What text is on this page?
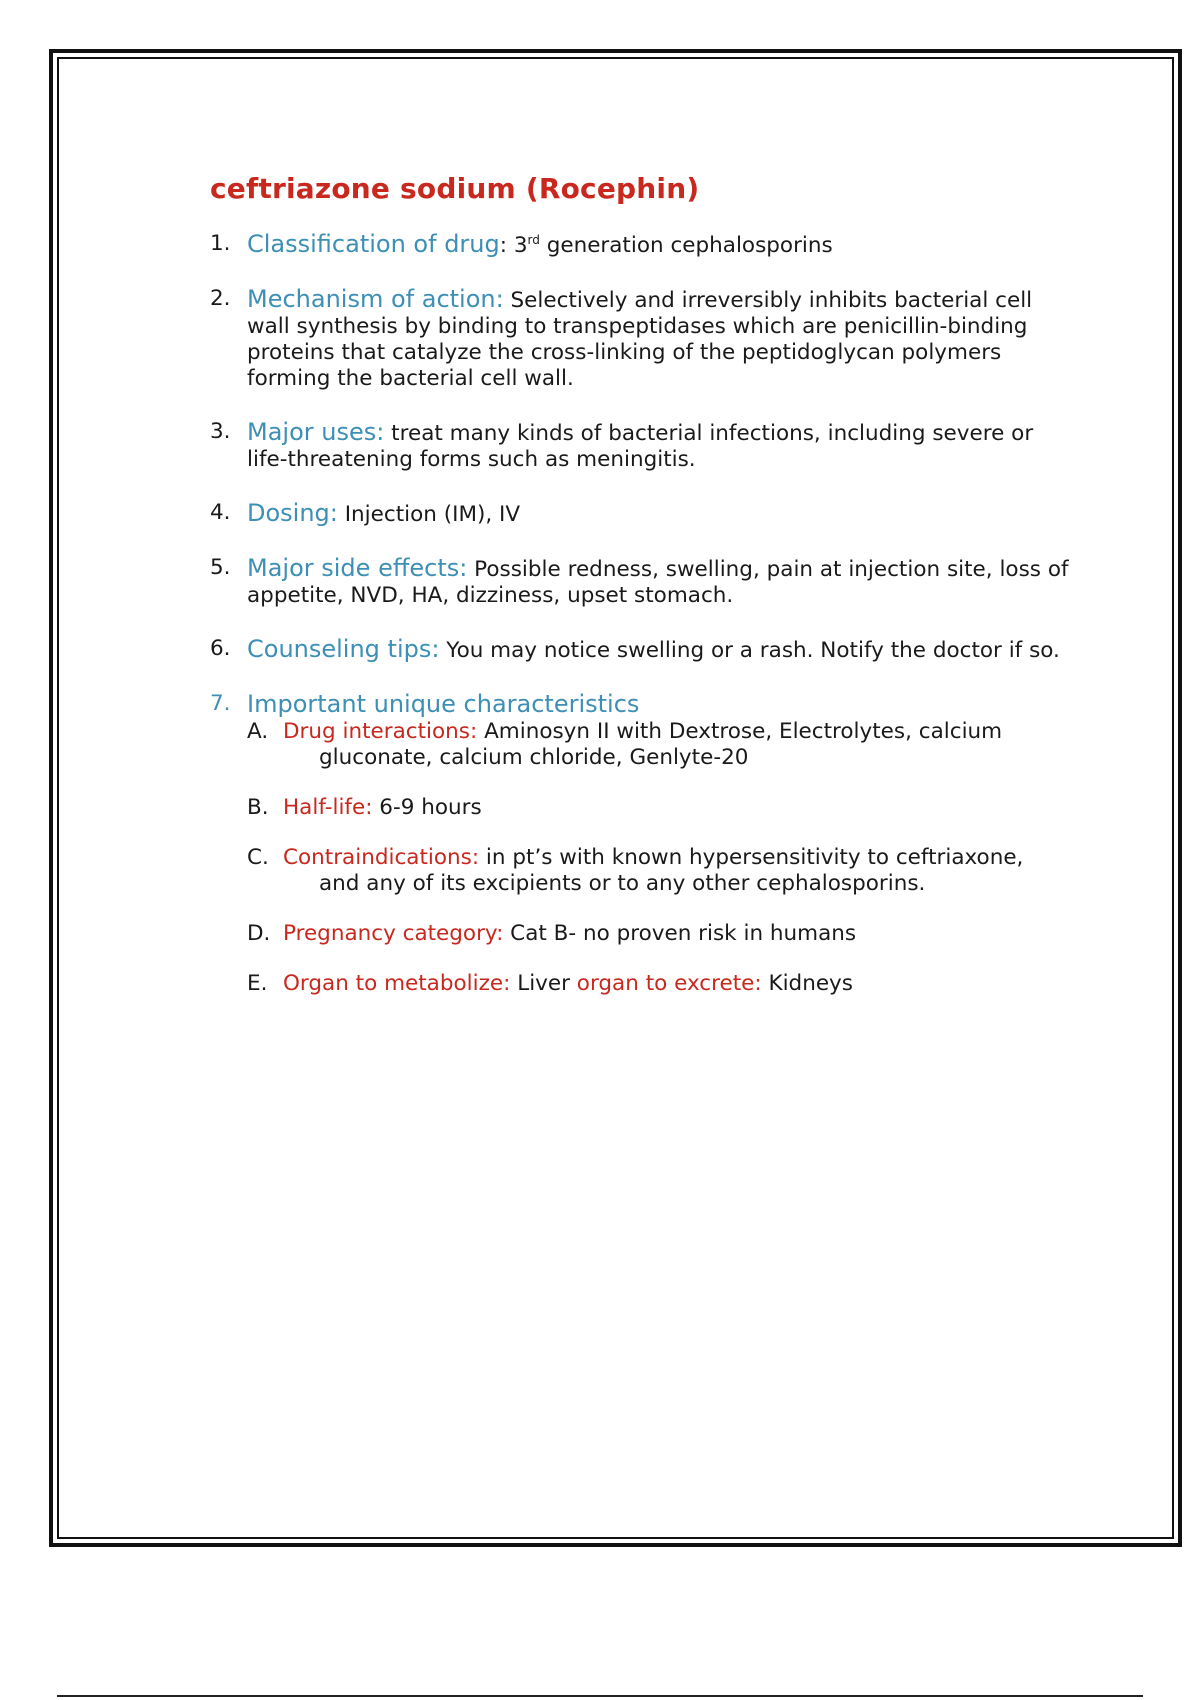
ceftriazone sodium (Rocephin)
1. Classification of drug: 3rd generation cephalosporins
2. Mechanism of action: Selectively and irreversibly inhibits bacterial cell wall synthesis by binding to transpeptidases which are penicillin-binding proteins that catalyze the cross-linking of the peptidoglycan polymers forming the bacterial cell wall.
3. Major uses: treat many kinds of bacterial infections, including severe or life-threatening forms such as meningitis.
4. Dosing: Injection (IM), IV
5. Major side effects: Possible redness, swelling, pain at injection site, loss of appetite, NVD, HA, dizziness, upset stomach.
6. Counseling tips: You may notice swelling or a rash. Notify the doctor if so.
7. Important unique characteristics
A. Drug interactions: Aminosyn II with Dextrose, Electrolytes, calcium
gluconate, calcium chloride, Genlyte-20
B. Half-life: 6-9 hours
C. Contraindications: in pt’s with known hypersensitivity to ceftriaxone,
and any of its excipients or to any other cephalosporins.
D. Pregnancy category: Cat B- no proven risk in humans
E. Organ to metabolize: Liver organ to excrete: Kidneys
